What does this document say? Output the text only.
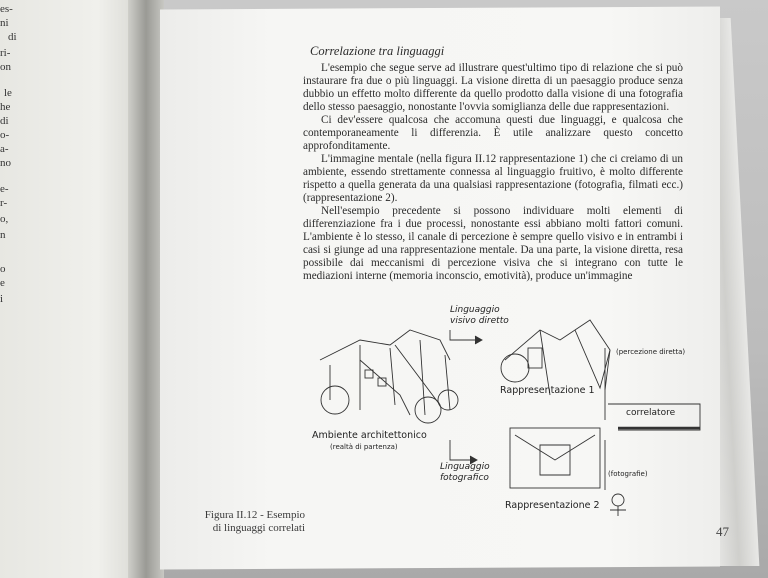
es-
ni
di
ri-
on
le
he
di
o-
a-
no
e-
r-
o,
n
o
e
i
Correlazione tra linguaggi

L'esempio che segue serve ad illustrare quest'ultimo tipo di relazione che si può instaurare fra due o più linguaggi. La visione diretta di un paesaggio produce senza dubbio un effetto molto differente da quello prodotto dalla visione di una fotografia dello stesso paesaggio, nonostante l'ovvia somiglianza delle due rappresentazioni.

Ci dev'essere qualcosa che accomuna questi due linguaggi, e qualcosa che contemporaneamente li differenzia. È utile analizzare questo concetto approfonditamente.

L'immagine mentale (nella figura II.12 rappresentazione 1) che ci creiamo di un ambiente, essendo strettamente connessa al linguaggio fruitivo, è molto differente rispetto a quella generata da una qualsiasi rappresentazione (fotografia, filmati ecc.) (rappresentazione 2).

Nell'esempio precedente si possono individuare molti elementi di differenziazione fra i due processi, nonostante essi abbiano molti fattori comuni. L'ambiente è lo stesso, il canale di percezione è sempre quello visivo e in entrambi i casi si giunge ad una rappresentazione mentale. Da una parte, la visione diretta, resa possibile dai meccanismi di percezione visiva che si integrano con tutte le mediazioni interne (memoria inconscio, emotività), produce un'immagine

Linguaggio
visivo diretto
Ambiente architettonico
(realtà di partenza)
Rappresentazione 1
(percezione diretta)
correlatore
Linguaggio
fotografico	(fotografie)
Rappresentazione 2
Figura II.12 - Esempio
di linguaggi correlati	47
